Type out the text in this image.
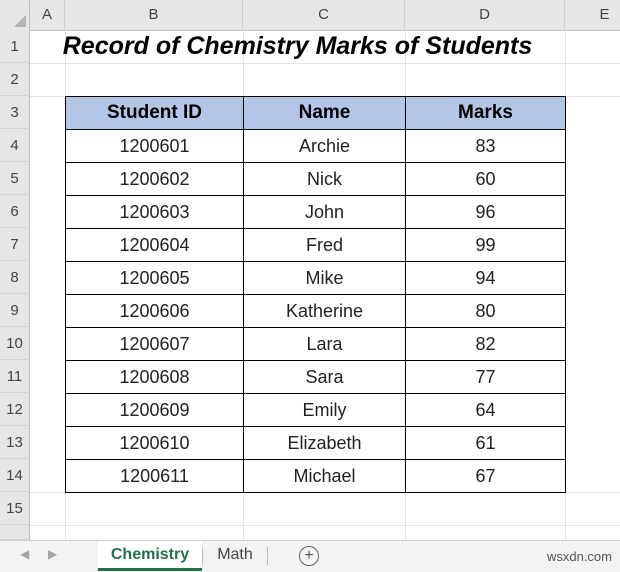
A	B	C	D	E
1
2
3
4
5
6
7
8
9
10
11
12
13
14
15
Record of Chemistry Marks of Students
Student ID	Name	Marks
1200601	Archie	83
1200602	Nick	60
1200603	John	96
1200604	Fred	99
1200605	Mike	94
1200606	Katherine	80
1200607	Lara	82
1200608	Sara	77
1200609	Emily	64
1200610	Elizabeth	61
1200611	Michael	67
◀ ▶	Chemistry	Math	+	wsxdn.com
